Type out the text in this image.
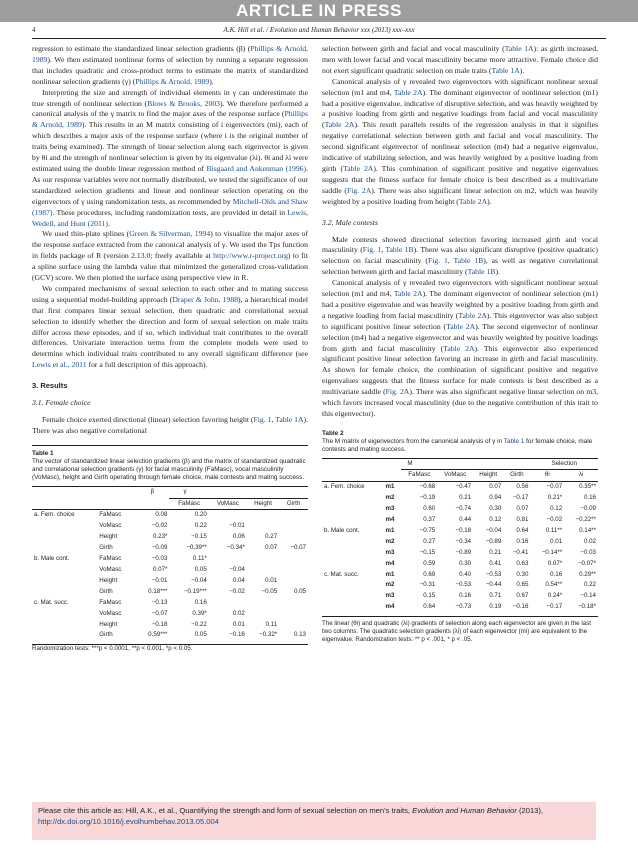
ARTICLE IN PRESS
4	A.K. Hill et al. / Evolution and Human Behavior xxx (2013) xxx–xxx

regression to estimate the standardized linear selection gradients (β) (Phillips & Arnold, 1989). We then estimated nonlinear forms of selection by running a separate regression that includes quadratic and cross-product terms to estimate the matrix of standardized nonlinear selection gradients (γ) (Phillips & Arnold, 1989).

Interpreting the size and strength of individual elements in γ can underestimate the true strength of nonlinear selection (Blows & Brooks, 2003). We therefore performed a canonical analysis of the γ matrix to find the major axes of the response surface (Phillips & Arnold, 1989). This results in an M matrix consisting of i eigenvectors (mi), each of which describes a major axis of the response surface (where i is the original number of traits being examined). The strength of linear selection along each eigenvector is given by θi and the strength of nonlinear selection is given by its eigenvalue (λi). θi and λi were estimated using the double linear regression method of Bisgaard and Ankenman (1996). As our response variables were not normally distributed, we tested the significance of our standardized selection gradients and linear and nonlinear selection operating on the eigenvectors of γ using randomization tests, as recommended by Mitchell-Olds and Shaw (1987). These procedures, including randomization tests, are provided in detail in Lewis, Wedell, and Hunt (2011).

We used thin-plate splines (Green & Silverman, 1994) to visualize the major axes of the response surface extracted from the canonical analysis of γ. We used the Tps function in fields package of R (version 2.13.0; freely available at http://www.r-project.org) to fit a spline surface using the lambda value that minimized the generalized cross-validation (GCV) score. We then plotted the surface using perspective view in R.

We compared mechanisms of sexual selection to each other and to mating success using a sequential model-building approach (Draper & John, 1988), a hierarchical model that first compares linear sexual selection, then quadratic and correlational sexual selection to identify whether the direction and form of sexual selection on male traits differ across these episodes, and if so, which individual trait contributes to the overall differences. Univariate interaction terms from the complete models were used to determine which individual traits contributed to any overall significant difference (see Lewis et al., 2011 for a full description of this approach).

3. Results
3.1. Female choice

Female choice exerted directional (linear) selection favoring height (Fig. 1, Table 1A). There was also negative correlational

Table 1
The vector of standardized linear selection gradients (β) and the matrix of standardized quadratic and correlational selection gradients (γ) for facial masculinity (FaMasc), vocal masculinity (VoMasc), height and Girth operating through female choice, male contests and mating success.
		β	γ			
			FaMasc	VoMasc	Height	Girth
a. Fem. choice	FaMasc	0.08	0.20			
	VoMasc	−0.02	0.22	−0.01		
	Height	0.23*	−0.15	0.06	0.27	
	Girth	−0.09	−0.39**	−0.34*	0.07	−0.07
b. Male cont.	FaMasc	−0.03	0.11*			
	VoMasc	0.07*	0.05	−0.04		
	Height	−0.01	−0.04	0.04	0.01	
	Girth	0.18***	−0.19***	−0.02	−0.05	0.05
c. Mat. succ.	FaMasc	−0.13	0.16			
	VoMasc	−0.07	0.39*	0.02		
	Height	−0.18	−0.22	0.01	0.11	
	Girth	0.59***	0.05	−0.16	−0.32*	0.13
Randomization tests: ***p < 0.0001, **p < 0.001, *p < 0.05.

selection between girth and facial and vocal masculinity (Table 1A): as girth increased, men with lower facial and vocal masculinity became more attractive. Female choice did not exert significant quadratic selection on male traits (Table 1A).

Canonical analysis of γ revealed two eigenvectors with significant nonlinear sexual selection (m1 and m4, Table 2A). The dominant eigenvector of nonlinear selection (m1) had a positive eigenvalue, indicative of disruptive selection, and was heavily weighted by a positive loading from girth and negative loadings from facial and vocal masculinity (Table 2A). This result parallels results of the regression analysis in that it signifies negative correlational selection between girth and facial and vocal masculinity. The second significant eigenvector of nonlinear selection (m4) had a negative eigenvalue, indicative of stabilizing selection, and was heavily weighted by a positive loading from girth (Table 2A). This combination of significant positive and negative eigenvalues suggests that the fitness surface for female choice is best described as a multivariate saddle (Fig. 2A). There was also significant linear selection on m2, which was heavily weighted by a positive loading from height (Table 2A).

3.2. Male contests

Male contests showed directional selection favoring increased girth and vocal masculinity (Fig. 1, Table 1B). There was also significant disruptive (positive quadratic) selection on facial masculinity (Fig. 1, Table 1B), as well as negative correlational selection between girth and facial masculinity (Table 1B).

Canonical analysis of γ revealed two eigenvectors with significant nonlinear sexual selection (m1 and m4, Table 2A). The dominant eigenvector of nonlinear selection (m1) had a positive eigenvalue and was heavily weighted by a positive loading from girth and a negative loading from facial masculinity (Table 2A). This eigenvector was also subject to significant positive linear selection (Table 2A). The second eigenvector of nonlinear selection (m4) had a negative eigenvector and was heavily weighted by positive loadings from girth and facial masculinity (Table 2A). This eigenvector also experienced significant positive linear selection favoring an increase in girth and facial masculinity. As shown for female choice, the combination of significant positive and negative eigenvalues suggests that the fitness surface for male contests is best described as a multivariate saddle (Fig. 2A). There was also significant negative linear selection on m3, which favors increased vocal masculinity (due to the negative contribution of this trait to this eigenvector).

Table 2
The M matrix of eigenvectors from the canonical analysis of γ in Table 1 for female choice, male contests and mating success.
		M				Selection	
		FaMasc	VoMasc	Height	Girth	θi	λi
a. Fem. choice	m1	−0.68	−0.47	0.07	0.56	−0.07	0.35**
	m2	−0.19	0.21	0.94	−0.17	0.21*	0.16
	m3	0.60	−0.74	0.30	0.07	0.12	−0.09
	m4	0.37	0.44	0.12	0.81	−0.02	−0.22**
b. Male cont.	m1	−0.75	−0.18	−0.04	0.64	0.11**	0.14**
	m2	0.27	−0.34	−0.89	0.16	0.01	0.02
	m3	−0.15	−0.89	0.21	−0.41	−0.14**	−0.03
	m4	0.59	0.30	0.41	0.63	0.07*	−0.07*
c. Mat. succ.	m1	0.69	0.40	−0.53	0.30	0.16	0.29**
	m2	−0.31	−0.53	−0.44	0.65	0.54**	0.22
	m3	0.15	0.16	0.71	0.67	0.24*	−0.14
	m4	0.64	−0.73	0.19	−0.16	−0.17	−0.18*
The linear (θi) and quadratic (λi) gradients of selection along each eigenvector are given in the last two columns. The quadratic selection gradients (λi) of each eigenvector (mi) are equivalent to the eigenvalue. Randomization tests: ** p < .001, * p < .05.
Please cite this article as: Hill, A.K., et al., Quantifying the strength and form of sexual selection on men's traits, Evolution and Human Behavior (2013), http://dx.doi.org/10.1016/j.evolhumbehav.2013.05.004
